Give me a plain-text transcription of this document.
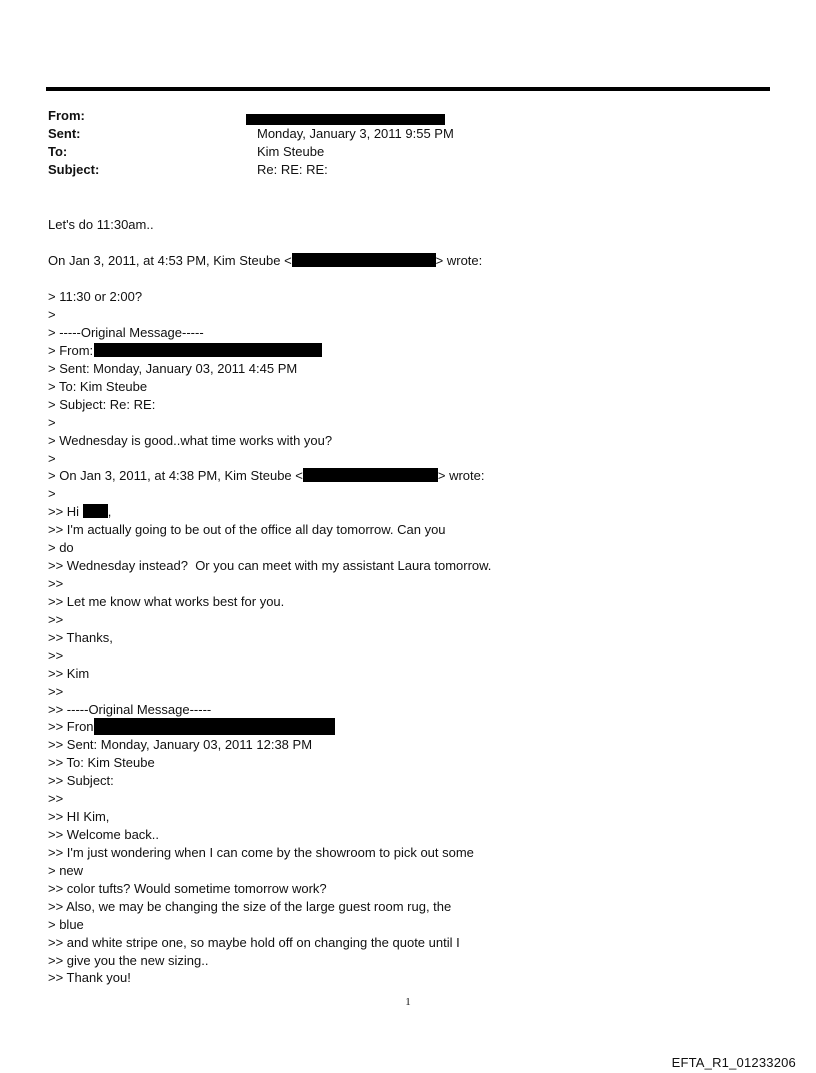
From:
Sent:	Monday, January 3, 2011 9:55 PM
To:	Kim Steube
Subject:	Re: RE: RE:
Let's do 11:30am..
On Jan 3, 2011, at 4:53 PM, Kim Steube <	> wrote:
> 11:30 or 2:00?
>
> -----Original Message-----
> From:
> Sent: Monday, January 03, 2011 4:45 PM
> To: Kim Steube
> Subject: Re: RE:
>
> Wednesday is good..what time works with you?
>
> On Jan 3, 2011, at 4:38 PM, Kim Steube <	> wrote:
>
>> Hi ,
>> I'm actually going to be out of the office all day tomorrow. Can you
> do
>> Wednesday instead?  Or you can meet with my assistant Laura tomorrow.
>>
>> Let me know what works best for you.
>>
>> Thanks,
>>
>> Kim
>>
>> -----Original Message-----
>> Fron
>> Sent: Monday, January 03, 2011 12:38 PM
>> To: Kim Steube
>> Subject:
>>
>> HI Kim,
>> Welcome back..
>> I'm just wondering when I can come by the showroom to pick out some
> new
>> color tufts? Would sometime tomorrow work?
>> Also, we may be changing the size of the large guest room rug, the
> blue
>> and white stripe one, so maybe hold off on changing the quote until I
>> give you the new sizing..
>> Thank you!
1
EFTA_R1_01233206
